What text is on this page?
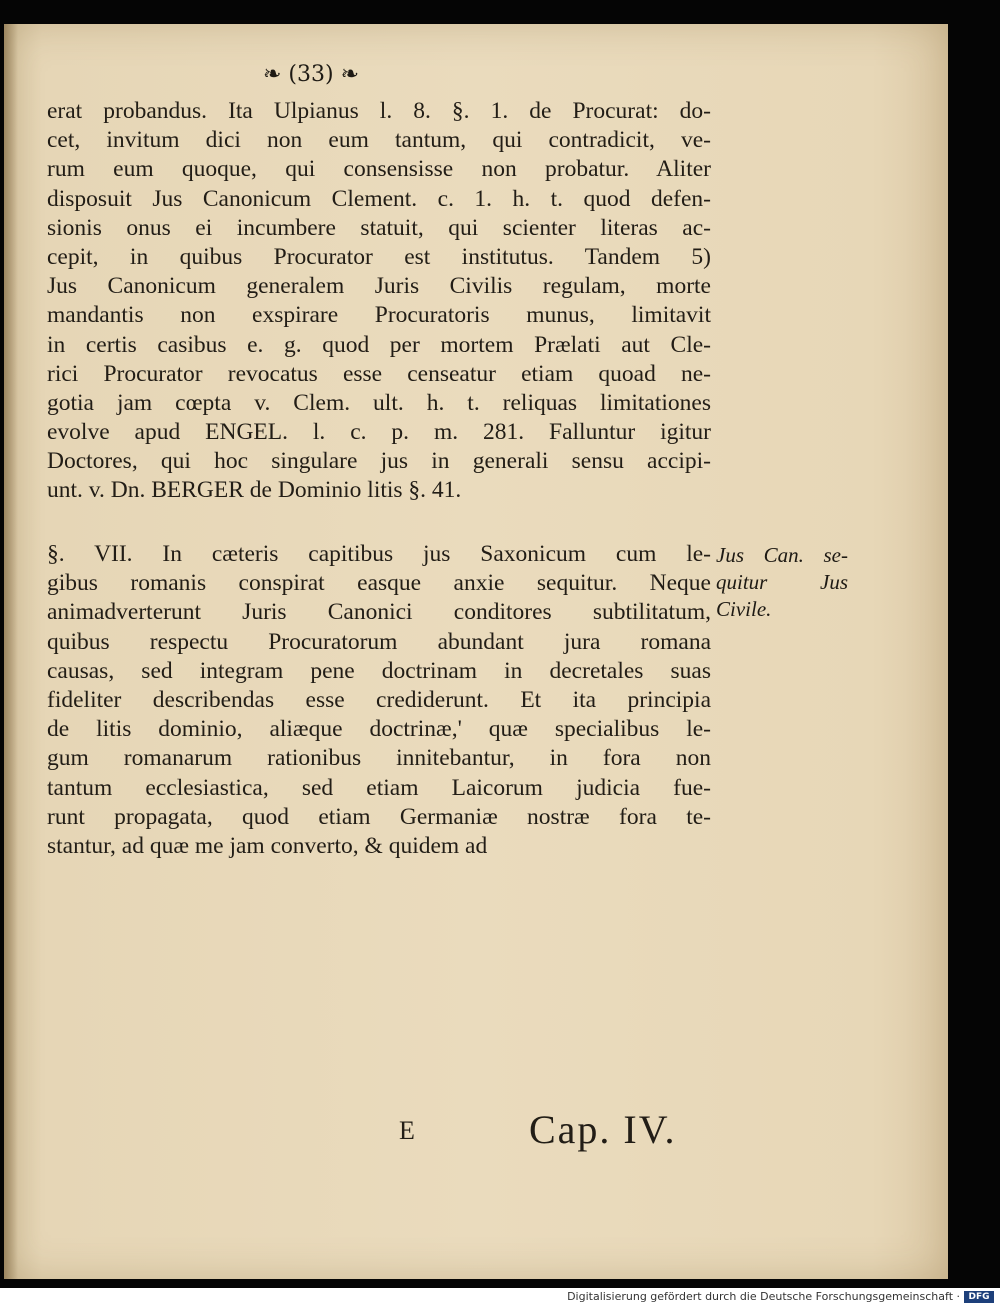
❧ (33) ❧
erat probandus. Ita Ulpianus l. 8. §. 1. de Procurat: do-
cet, invitum dici non eum tantum, qui contradicit, ve-
rum eum quoque, qui consensisse non probatur. Aliter
disposuit Jus Canonicum Clement. c. 1. h. t. quod defen-
sionis onus ei incumbere statuit, qui scienter literas ac-
cepit, in quibus Procurator est institutus. Tandem 5)
Jus Canonicum generalem Juris Civilis regulam, morte
mandantis non exspirare Procuratoris munus, limitavit
in certis casibus e. g. quod per mortem Prælati aut Cle-
rici Procurator revocatus esse censeatur etiam quoad ne-
gotia jam cœpta v. Clem. ult. h. t. reliquas limitationes
evolve apud ENGEL. l. c. p. m. 281. Falluntur igitur
Doctores, qui hoc singulare jus in generali sensu accipi-
unt. v. Dn. BERGER de Dominio litis §. 41.
§. VII. In cæteris capitibus jus Saxonicum cum le-
gibus romanis conspirat easque anxie sequitur. Neque
animadverterunt Juris Canonici conditores subtilitatum,
quibus respectu Procuratorum abundant jura romana
causas, sed integram pene doctrinam in decretales suas
fideliter describendas esse crediderunt. Et ita principia
de litis dominio, aliæque doctrinæ,' quæ specialibus le-
gum romanarum rationibus innitebantur, in fora non
tantum ecclesiastica, sed etiam Laicorum judicia fue-
runt propagata, quod etiam Germaniæ nostræ fora te-
stantur, ad quæ me jam converto, & quidem ad
Jus Can. se-
quitur Jus
Civile.
E	Cap. IV.
Digitalisierung gefördert durch die Deutsche Forschungsgemeinschaft · DFG
